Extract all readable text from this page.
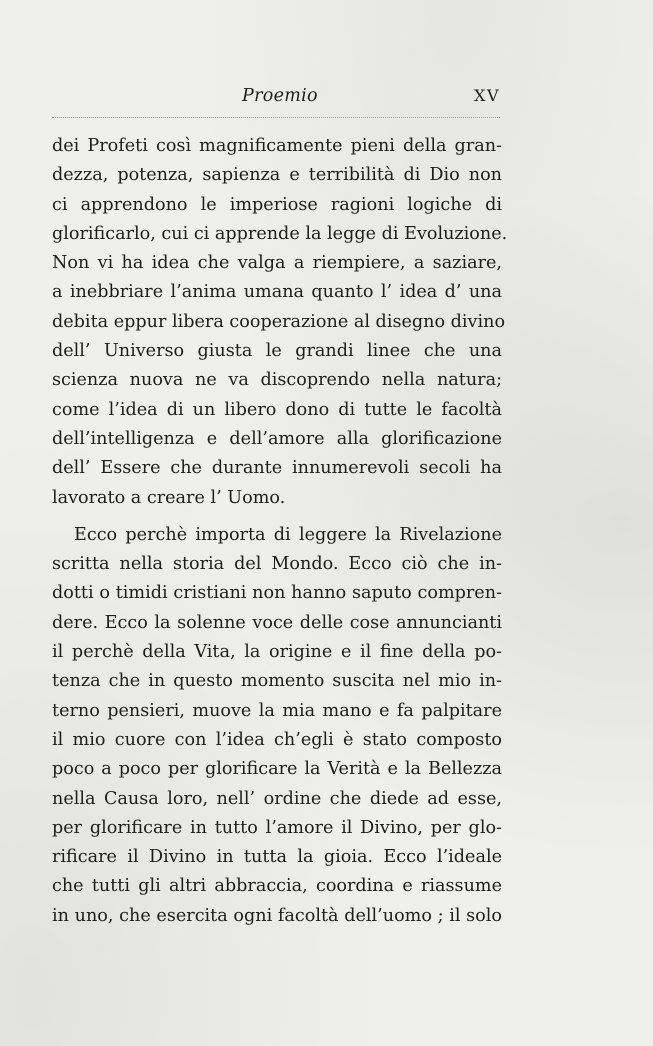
Proemio	XV
dei Profeti così magnificamente pieni della gran-
dezza, potenza, sapienza e terribilità di Dio non
ci apprendono le imperiose ragioni logiche di
glorificarlo, cui ci apprende la legge di Evoluzione.
Non vi ha idea che valga a riempiere, a saziare,
a inebbriare l’anima umana quanto l’ idea d’ una
debita eppur libera cooperazione al disegno divino
dell’ Universo giusta le grandi linee che una
scienza nuova ne va discoprendo nella natura;
come l’idea di un libero dono di tutte le facoltà
dell’intelligenza e dell’amore alla glorificazione
dell’ Essere che durante innumerevoli secoli ha
lavorato a creare l’ Uomo.
Ecco perchè importa di leggere la Rivelazione
scritta nella storia del Mondo. Ecco ciò che in-
dotti o timidi cristiani non hanno saputo compren-
dere. Ecco la solenne voce delle cose annuncianti
il perchè della Vita, la origine e il fine della po-
tenza che in questo momento suscita nel mio in-
terno pensieri, muove la mia mano e fa palpitare
il mio cuore con l’idea ch’egli è stato composto
poco a poco per glorificare la Verità e la Bellezza
nella Causa loro, nell’ ordine che diede ad esse,
per glorificare in tutto l’amore il Divino, per glo-
rificare il Divino in tutta la gioia. Ecco l’ideale
che tutti gli altri abbraccia, coordina e riassume
in uno, che esercita ogni facoltà dell’uomo ; il solo
